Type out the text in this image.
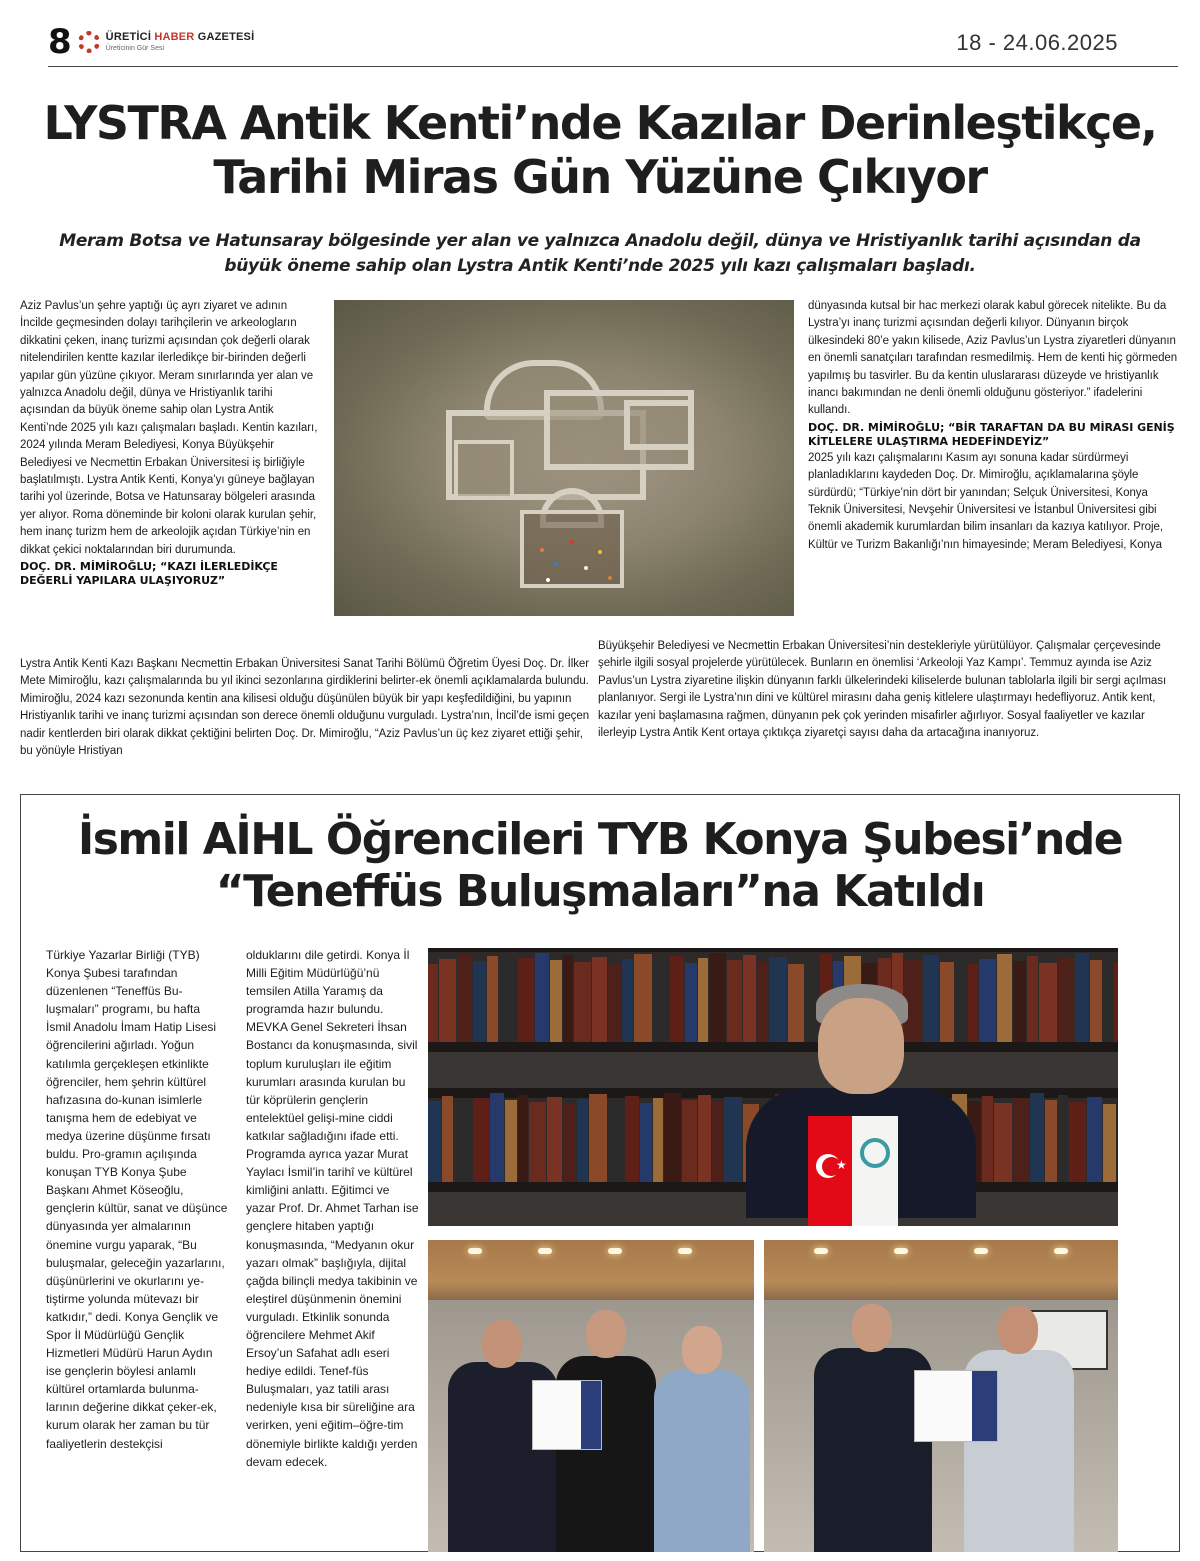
8	ÜRETİCİ HABER GAZETESİ
Üreticinin Gür Sesi	18 - 24.06.2025
LYSTRA Antik Kenti’nde Kazılar Derinleştikçe,
Tarihi Miras Gün Yüzüne Çıkıyor
Meram Botsa ve Hatunsaray bölgesinde yer alan ve yalnızca Anadolu değil, dünya ve Hristiyanlık tarihi açısından da büyük öneme sahip olan Lystra Antik Kenti’nde 2025 yılı kazı çalışmaları başladı.

Aziz Pavlus’un şehre yaptığı üç ayrı ziyaret ve adının İncilde geçmesinden dolayı tarihçilerin ve arkeologların dikkatini çeken, inanç turizmi açısından çok değerli olarak nitelendirilen kentte kazılar ilerledikçe bir-birinden değerli yapılar gün yüzüne çıkıyor. Meram sınırlarında yer alan ve yalnızca Anadolu değil, dünya ve Hristiyanlık tarihi açısından da büyük öneme sahip olan Lystra Antik Kenti’nde 2025 yılı kazı çalışmaları başladı. Kentin kazıları, 2024 yılında Meram Belediyesi, Konya Büyükşehir Belediyesi ve Necmettin Erbakan Üniversitesi iş birliğiyle başlatılmıştı. Lystra Antik Kenti, Konya’yı güneye bağlayan tarihi yol üzerinde, Botsa ve Hatunsaray bölgeleri arasında yer alıyor. Roma döneminde bir koloni olarak kurulan şehir, hem inanç turizm hem de arkeolojik açıdan Türkiye’nin en dikkat çekici noktalarından biri durumunda.

DOÇ. DR. MİMİROĞLU; “KAZI İLERLEDİKÇE DEĞERLİ YAPILARA ULAŞIYORUZ”

Lystra Antik Kenti Kazı Başkanı Necmettin Erbakan Üniversitesi Sanat Tarihi Bölümü Öğretim Üyesi Doç. Dr. İlker Mete Mimiroğlu, kazı çalışmalarında bu yıl ikinci sezonlarına girdiklerini belirter-ek önemli açıklamalarda bulundu. Mimiroğlu, 2024 kazı sezonunda kentin ana kilisesi olduğu düşünülen büyük bir yapı keşfedildiğini, bu yapının Hristiyanlık tarihi ve inanç turizmi açısından son derece önemli olduğunu vurguladı. Lystra’nın, İncil’de ismi geçen nadir kentlerden biri olarak dikkat çektiğini belirten Doç. Dr. Mimiroğlu, “Aziz Pavlus’un üç kez ziyaret ettiği şehir, bu yönüyle Hristiyan

dünyasında kutsal bir hac merkezi olarak kabul görecek nitelikte. Bu da Lystra’yı inanç turizmi açısından değerli kılıyor. Dünyanın birçok ülkesindeki 80’e yakın kilisede, Aziz Pavlus’un Lystra ziyaretleri dünyanın en önemli sanatçıları tarafından resmedilmiş. Hem de kenti hiç görmeden yapılmış bu tasvirler. Bu da kentin uluslararası düzeyde ve hristiyanlık inancı bakımından ne denli önemli olduğunu gösteriyor.” ifadelerini kullandı.

DOÇ. DR. MİMİROĞLU; “BİR TARAFTAN DA BU MİRASI GENİŞ KİTLELERE ULAŞTIRMA HEDEFİNDEYİZ”

2025 yılı kazı çalışmalarını Kasım ayı sonuna kadar sürdürmeyi planladıklarını kaydeden Doç. Dr. Mimiroğlu, açıklamalarına şöyle sürdürdü; “Türkiye’nin dört bir yanından; Selçuk Üniversitesi, Konya Teknik Üniversitesi, Nevşehir Üniversitesi ve İstanbul Üniversitesi gibi önemli akademik kurumlardan bilim insanları da kazıya katılıyor. Proje, Kültür ve Turizm Bakanlığı’nın himayesinde; Meram Belediyesi, Konya

Büyükşehir Belediyesi ve Necmettin Erbakan Üniversitesi’nin destekleriyle yürütülüyor. Çalışmalar çerçevesinde şehirle ilgili sosyal projelerde yürütülecek. Bunların en önemlisi ‘Arkeoloji Yaz Kampı’. Temmuz ayında ise Aziz Pavlus’un Lystra ziyaretine ilişkin dünyanın farklı ülkelerindeki kiliselerde bulunan tablolarla ilgili bir sergi açılması planlanıyor. Sergi ile Lystra’nın dini ve kültürel mirasını daha geniş kitlelere ulaştırmayı hedefliyoruz. Antik kent, kazılar yeni başlamasına rağmen, dünyanın pek çok yerinden misafirler ağırlıyor. Sosyal faaliyetler ve kazılar ilerleyip Lystra Antik Kent ortaya çıktıkça ziyaretçi sayısı daha da artacağına inanıyoruz.

İsmil AİHL Öğrencileri TYB Konya Şubesi’nde
“Teneffüs Buluşmaları”na Katıldı

Türkiye Yazarlar Birliği (TYB) Konya Şubesi tarafından düzenlenen “Teneffüs Bu-luşmaları” programı, bu hafta İsmil Anadolu İmam Hatip Lisesi öğrencilerini ağırladı. Yoğun katılımla gerçekleşen etkinlikte öğrenciler, hem şehrin kültürel hafızasına do-kunan isimlerle tanışma hem de edebiyat ve medya üzerine düşünme fırsatı buldu. Pro-gramın açılışında konuşan TYB Konya Şube Başkanı Ahmet Köseoğlu, gençlerin kültür, sanat ve düşünce dünyasında yer almalarının önemine vurgu yaparak, “Bu buluşmalar, geleceğin yazarlarını, düşünürlerini ve okurlarını ye-tiştirme yolunda mütevazı bir katkıdır,” dedi. Konya Gençlik ve Spor İl Müdürlüğü Gençlik Hizmetleri Müdürü Harun Aydın ise gençlerin böylesi anlamlı kültürel ortamlarda bulunma-larının değerine dikkat çeker-ek, kurum olarak her zaman bu tür faaliyetlerin destekçisi

olduklarını dile getirdi. Konya İl Milli Eğitim Müdürlüğü’nü temsilen Atilla Yaramış da programda hazır bulundu. MEVKA Genel Sekreteri İhsan Bostancı da konuşmasında, sivil toplum kuruluşları ile eğitim kurumları arasında kurulan bu tür köprülerin gençlerin entelektüel gelişi-mine ciddi katkılar sağladığını ifade etti. Programda ayrıca yazar Murat Yaylacı İsmil’in tarihî ve kültürel kimliğini anlattı. Eğitimci ve yazar Prof. Dr. Ahmet Tarhan ise gençlere hitaben yaptığı konuşmasında, “Medyanın okur yazarı olmak” başlığıyla, dijital çağda bilinçli medya takibinin ve eleştirel düşünmenin önemini vurguladı. Etkinlik sonunda öğrencilere Mehmet Akif Ersoy’un Safahat adlı eseri hediye edildi. Tenef-füs Buluşmaları, yaz tatili arası nedeniyle kısa bir süreliğine ara verirken, yeni eğitim–öğre-tim dönemiyle birlikte kaldığı yerden devam edecek.

★
